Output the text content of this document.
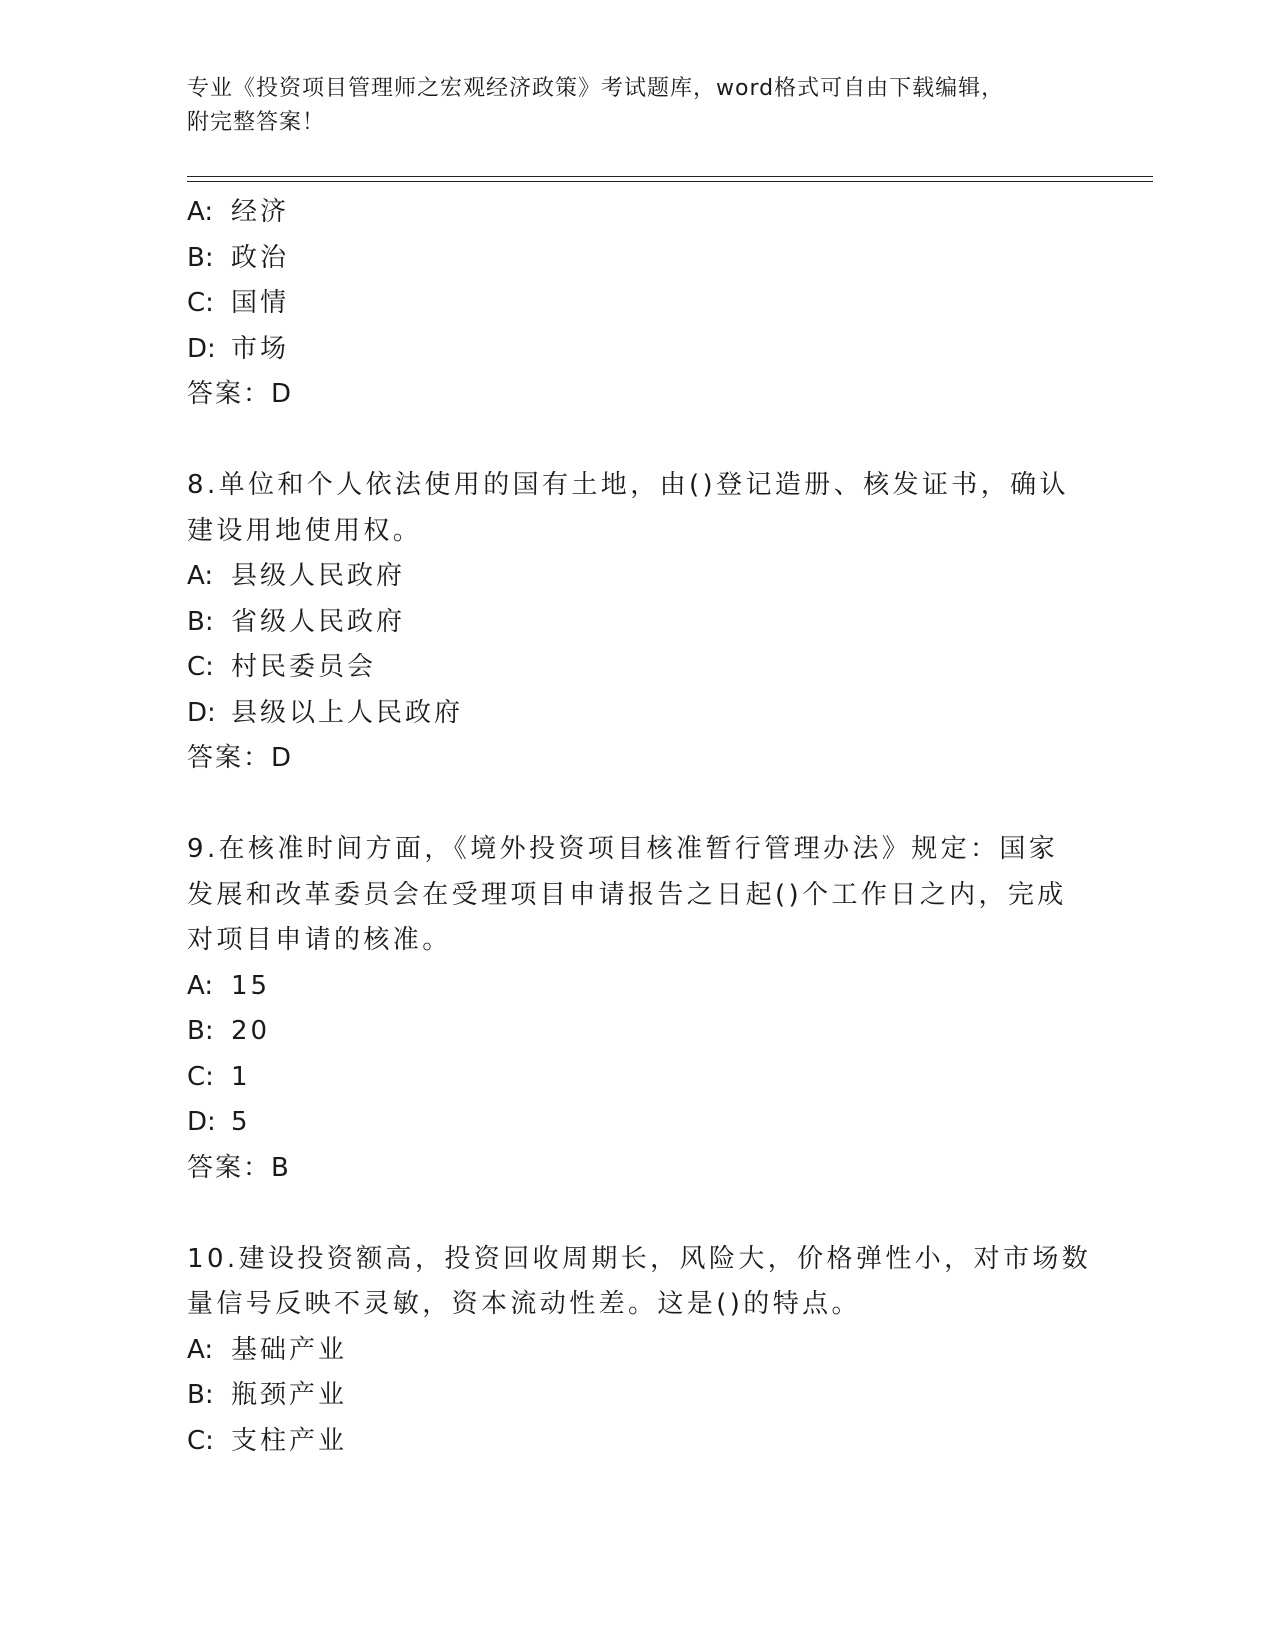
专业《投资项目管理师之宏观经济政策》考试题库，word格式可自由下载编辑，
附完整答案！
A: 经济
B: 政治
C: 国情
D: 市场
答案：D
8.单位和个人依法使用的国有土地，由()登记造册、核发证书，确认
建设用地使用权。
A: 县级人民政府
B: 省级人民政府
C: 村民委员会
D: 县级以上人民政府
答案：D
9.在核准时间方面，《境外投资项目核准暂行管理办法》规定：国家
发展和改革委员会在受理项目申请报告之日起()个工作日之内，完成
对项目申请的核准。
A: 15
B: 20
C: 1
D: 5
答案：B
10.建设投资额高，投资回收周期长，风险大，价格弹性小，对市场数
量信号反映不灵敏，资本流动性差。这是()的特点。
A: 基础产业
B: 瓶颈产业
C: 支柱产业
